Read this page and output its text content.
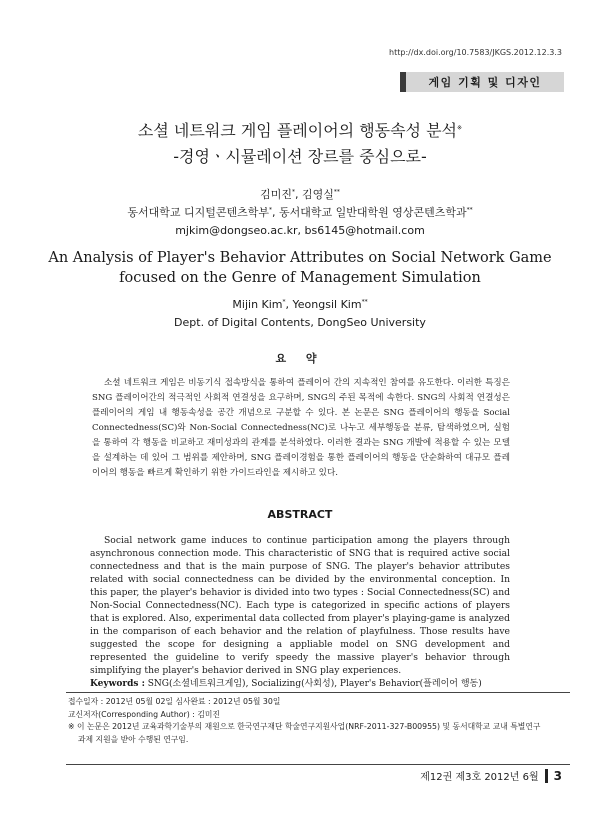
http://dx.doi.org/10.7583/JKGS.2012.12.3.3
게임 기획 및 디자인
소셜 네트워크 게임 플레이어의 행동속성 분석※
-경영ㆍ시뮬레이션 장르를 중심으로-
김미진*, 김영실**
동서대학교 디지털콘텐츠학부*, 동서대학교 일반대학원 영상콘텐츠학과**
mjkim@dongseo.ac.kr, bs6145@hotmail.com
An Analysis of Player's Behavior Attributes on Social Network Game
focused on the Genre of Management Simulation
Mijin Kim*, Yeongsil Kim**
Dept. of Digital Contents, DongSeo University
요 약
소셜 네트워크 게임은 비동기식 접속방식을 통하여 플레이어 간의 지속적인 참여를 유도한다. 이러한 특징은 SNG 플레이어간의 적극적인 사회적 연결성을 요구하며, SNG의 주된 목적에 속한다. SNG의 사회적 연결성은 플레이어의 게임 내 행동속성을 공간 개념으로 구분할 수 있다. 본 논문은 SNG 플레이어의 행동을 Social Connectedness(SC)와 Non-Social Connectedness(NC)로 나누고 세부행동을 분류, 탐색하였으며, 실험을 통하여 각 행동을 비교하고 재미성과의 관계를 분석하였다. 이러한 결과는 SNG 개발에 적용할 수 있는 모델을 설계하는 데 있어 그 범위를 제안하며, SNG 플레이경험을 통한 플레이어의 행동을 단순화하여 대규모 플레이어의 행동을 빠르게 확인하기 위한 가이드라인을 제시하고 있다.
ABSTRACT
Social network game induces to continue participation among the players through asynchronous connection mode. This characteristic of SNG that is required active social connectedness and that is the main purpose of SNG. The player's behavior attributes related with social connectedness can be divided by the environmental conception. In this paper, the player's behavior is divided into two types : Social Connectedness(SC) and Non-Social Connectedness(NC). Each type is categorized in specific actions of players that is explored. Also, experimental data collected from player's playing-game is analyzed in the comparison of each behavior and the relation of playfulness. Those results have suggested the scope for designing a appliable model on SNG development and represented the guideline to verify speedy the massive player's behavior through simplifying the player's behavior derived in SNG play experiences.
Keywords : SNG(소셜네트워크게임), Socializing(사회성), Player's Behavior(플레이어 행동)
접수일자 : 2012년 05월 02일 심사완료 : 2012년 05월 30일
교신저자(Corresponding Author) : 김미진
※ 이 논문은 2012년 교육과학기술부의 재원으로 한국연구재단 학술연구지원사업(NRF-2011-327-B00955) 및 동서대학교 교내 특별연구
과제 지원을 받아 수행된 연구임.
제12권 제3호 2012년 6월 3
